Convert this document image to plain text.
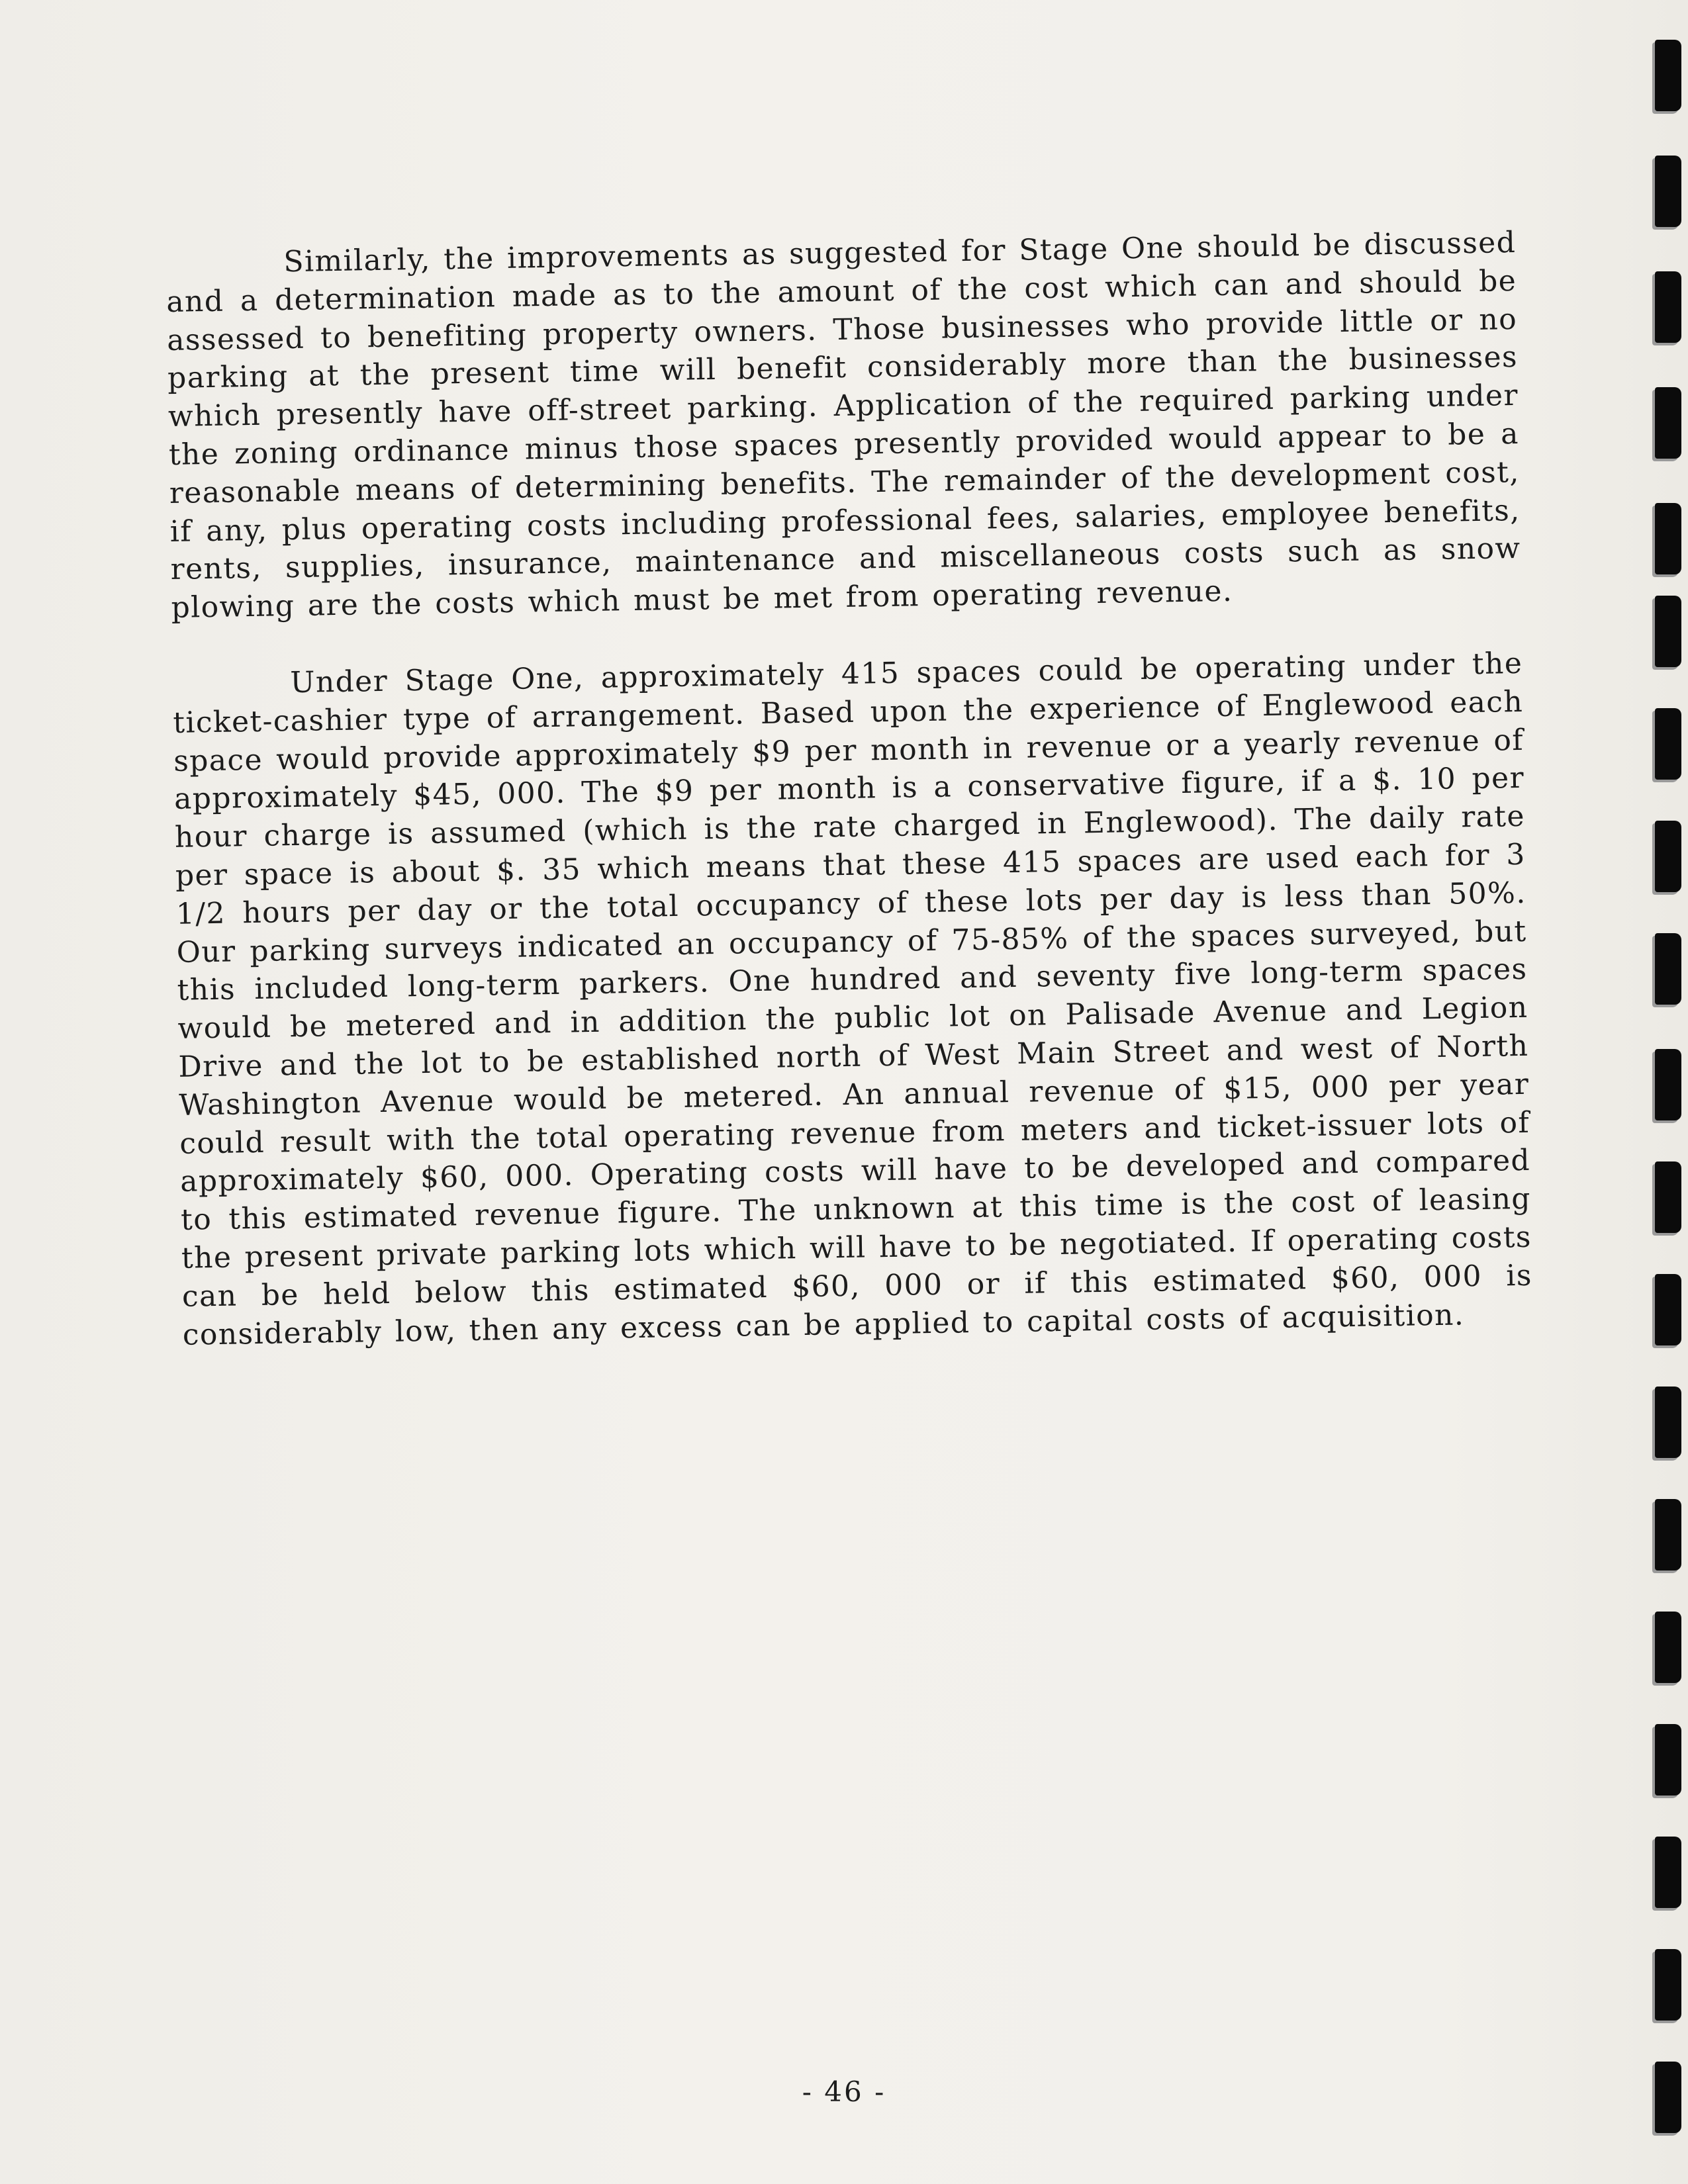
Similarly, the improvements as suggested for Stage One should be discussed and a determination made as to the amount of the cost which can and should be assessed to benefiting property owners. Those businesses who provide little or no parking at the present time will benefit considerably more than the businesses which presently have off-street parking. Application of the required parking under the zoning ordinance minus those spaces presently provided would appear to be a reasonable means of determining benefits. The remainder of the development cost, if any, plus operating costs including professional fees, salaries, employee benefits, rents, supplies, insurance, maintenance and miscellaneous costs such as snow plowing are the costs which must be met from operating revenue.

Under Stage One, approximately 415 spaces could be operating under the ticket-cashier type of arrangement. Based upon the experience of Englewood each space would provide approximately $9 per month in revenue or a yearly revenue of approximately $45, 000. The $9 per month is a conservative figure, if a $. 10 per hour charge is assumed (which is the rate charged in Englewood). The daily rate per space is about $. 35 which means that these 415 spaces are used each for 3 1/2 hours per day or the total occupancy of these lots per day is less than 50%. Our parking surveys indicated an occupancy of 75-85% of the spaces surveyed, but this included long-term parkers. One hundred and seventy five long-term spaces would be metered and in addition the public lot on Palisade Avenue and Legion Drive and the lot to be established north of West Main Street and west of North Washington Avenue would be metered. An annual revenue of $15, 000 per year could result with the total operating revenue from meters and ticket-issuer lots of approximately $60, 000. Operating costs will have to be developed and compared to this estimated revenue figure. The unknown at this time is the cost of leasing the present private parking lots which will have to be negotiated. If operating costs can be held below this estimated $60, 000 or if this estimated $60, 000 is considerably low, then any excess can be applied to capital costs of acquisition.

- 46 -
